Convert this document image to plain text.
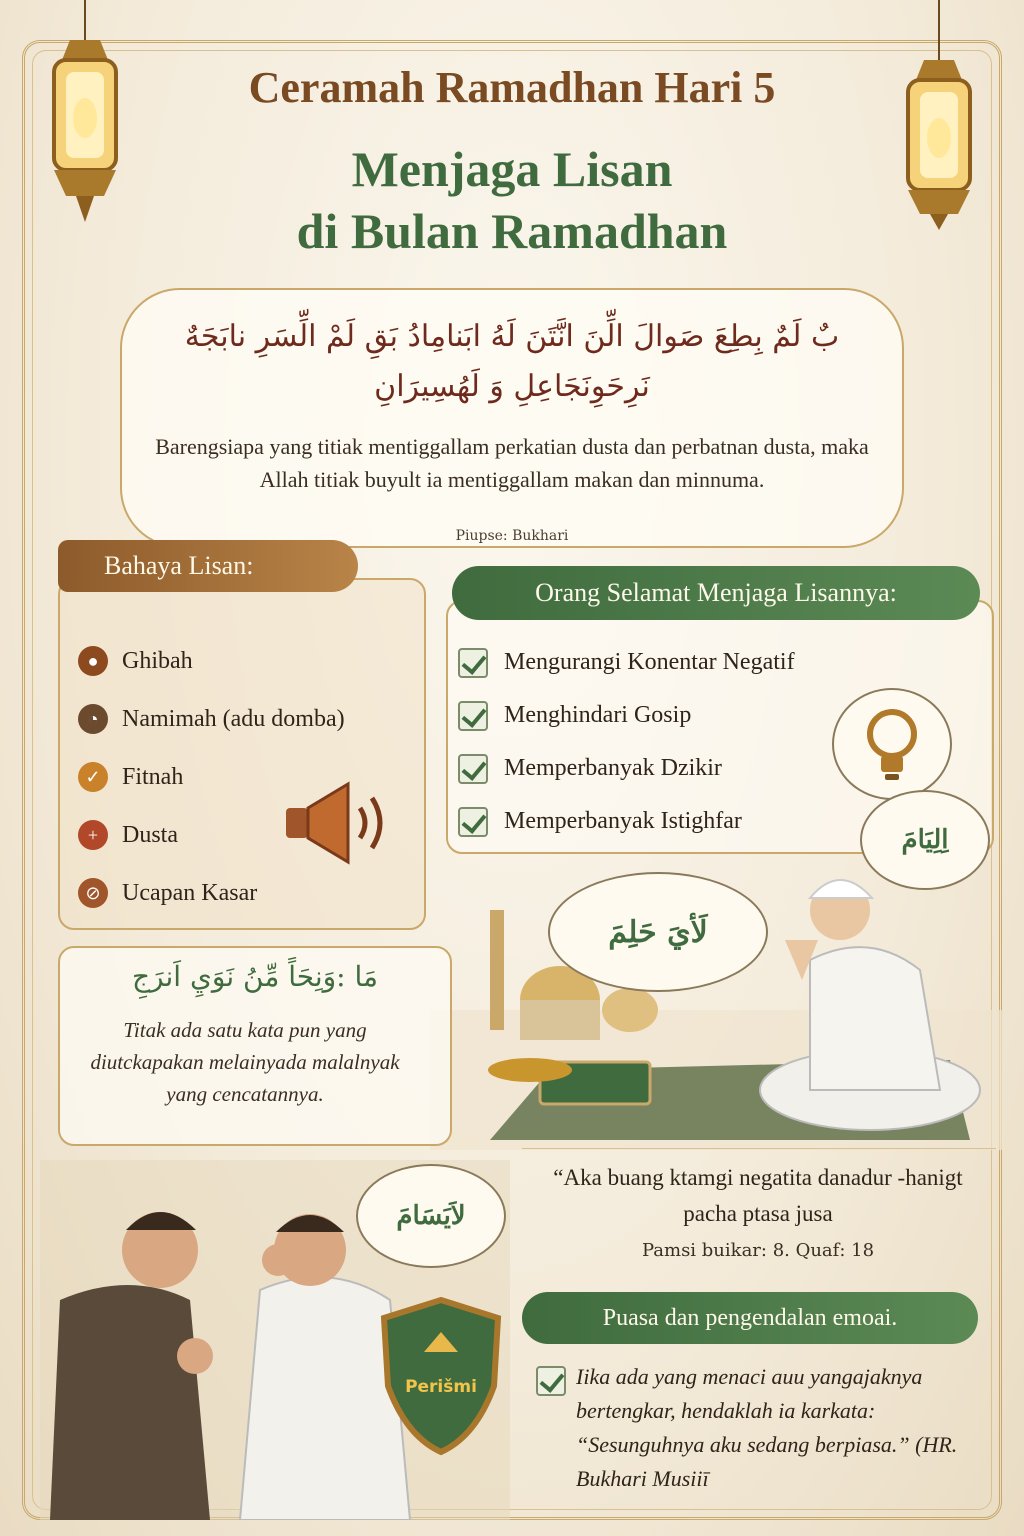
Ceramah Ramadhan Hari 5
Menjaga Lisan
di Bulan Ramadhan
بٌ لَمٌ بِطِعَ صَوالَ الِّنَ انَّتَنَ لَهُ ابَنامِادُ بَقِ لَمْ الِّسَرِ نابَجَهٌ
نَرِحَوِنَجَاعِلِ وَ لَهُسِيرَانِ
Barengsiapa yang titiak mentiggallam perkatian dusta dan perbatnan dusta, maka Allah titiak buyult ia mentiggallam makan dan minnuma.
Piupse: Bukhari
Bahaya Lisan:
● Ghibah
◔ Namimah (adu domba)
✓ Fitnah
+ Dusta
⊘ Ucapan Kasar
Orang Selamat Menjaga Lisannya:
Mengurangi Konentar Negatif
Menghindari Gosip
Memperbanyak Dzikir
Memperbanyak Istighfar
لَأيَ حَلِمَ
اِلِيَامَ
مَا :وَنِحَاً مِّنُ نَوَيِ اَنرَجِ
Titak ada satu kata pun yang diutckapakan melainyada malalnyak yang cencatannya.
لاَيَسَامَ
Perišmi
“Aka buang ktamgi negatita danadur -hanigt pacha ptasa jusa
Pamsi buikar: 8. Quaf: 18
Puasa dan pengendalan emoai.
Iika ada yang menaci auu yangajaknya bertengkar, hendaklah ia karkata: “Sesunguhnya aku sedang berpiasa.” (HR. Bukhari Musiiī
